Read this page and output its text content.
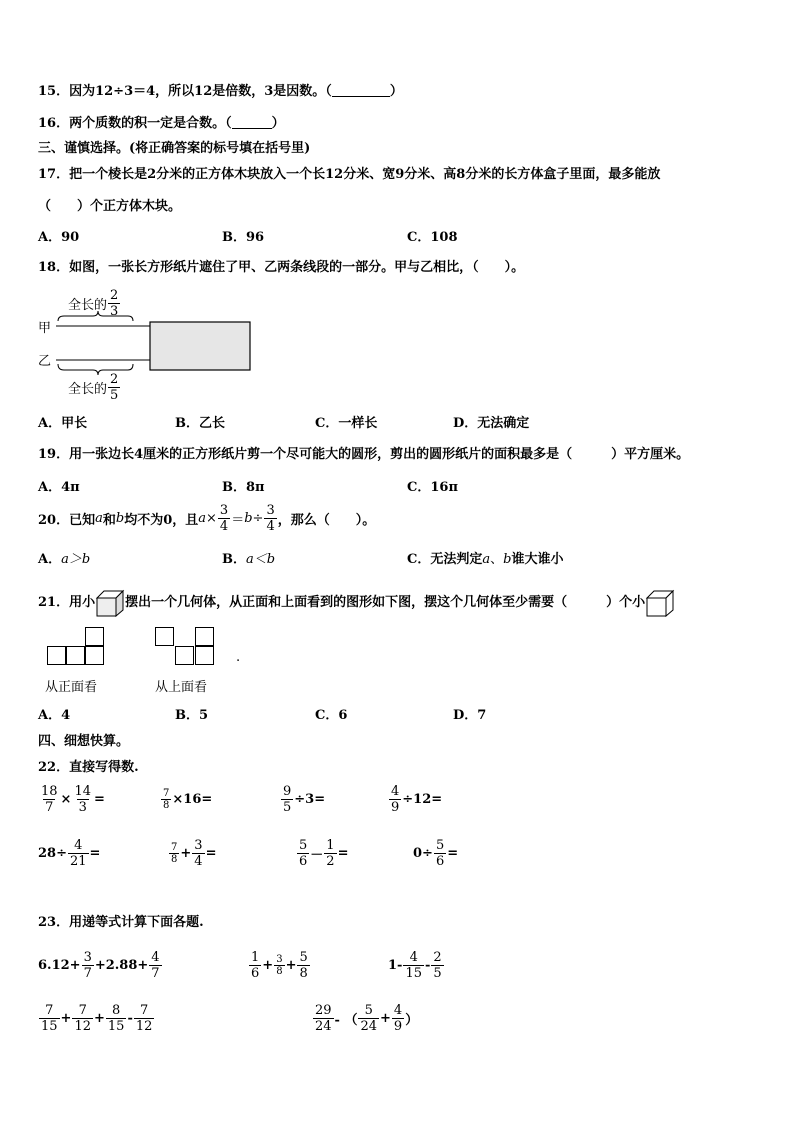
15．因为12÷3＝4，所以12是倍数，3是因数。（	）
16．两个质数的积一定是合数。（	）
三、谨慎选择。(将正确答案的标号填在括号里)
17．把一个棱长是2分米的正方体木块放入一个长12分米、宽9分米、高8分米的长方体盒子里面，最多能放
（　　）个正方体木块。
A．90	B．96	C．108
18．如图，一张长方形纸片遮住了甲、乙两条线段的一部分。甲与乙相比，（　　）。
全长的 $\frac{2}{3}$
甲
乙
全长的 $\frac{2}{5}$
A．甲长	B．乙长	C．一样长	D．无法确定
19．用一张边长4厘米的正方形纸片剪一个尽可能大的圆形，剪出的圆形纸片的面积最多是（　　　）平方厘米。
A．4π	B．8π	C．16π
20．已知 a 和 b 均不为0，且 $a \times \frac{3}{4} = b \div \frac{3}{4}$ ，那么（　　）。
A．a＞b	B．a＜b	C．无法判定a、b谁大谁小
21．用小 摆出一个几何体，从正面和上面看到的图形如下图，摆这个几何体至少需要（　　　）个小
从正面看	从上面看
.
A．4	B．5	C．6	D．7
四、细想快算。
22．直接写得数.
$\frac{18}{7} \times \frac{14}{3}$ =	$\frac{7}{8} \times 16=$	$\frac{9}{5} \div 3=$	$\frac{4}{9} \div 12=$
$28\div \frac{4}{21}$ =	$\frac{7}{8} + \frac{3}{4}$ =	$\frac{5}{6} - \frac{1}{2}$ =	$0\div \frac{5}{6}$ =
23．用递等式计算下面各题.
$6.12+ \frac{3}{7} +2.88+ \frac{4}{7}$	$\frac{1}{6} + \frac{3}{8} + \frac{5}{8}$	$1- \frac{4}{15} - \frac{2}{5}$
$\frac{7}{15} + \frac{7}{12} + \frac{8}{15} - \frac{7}{12}$	$\frac{29}{24}$ - （ $\frac{5}{24} + \frac{4}{9}$ ）
